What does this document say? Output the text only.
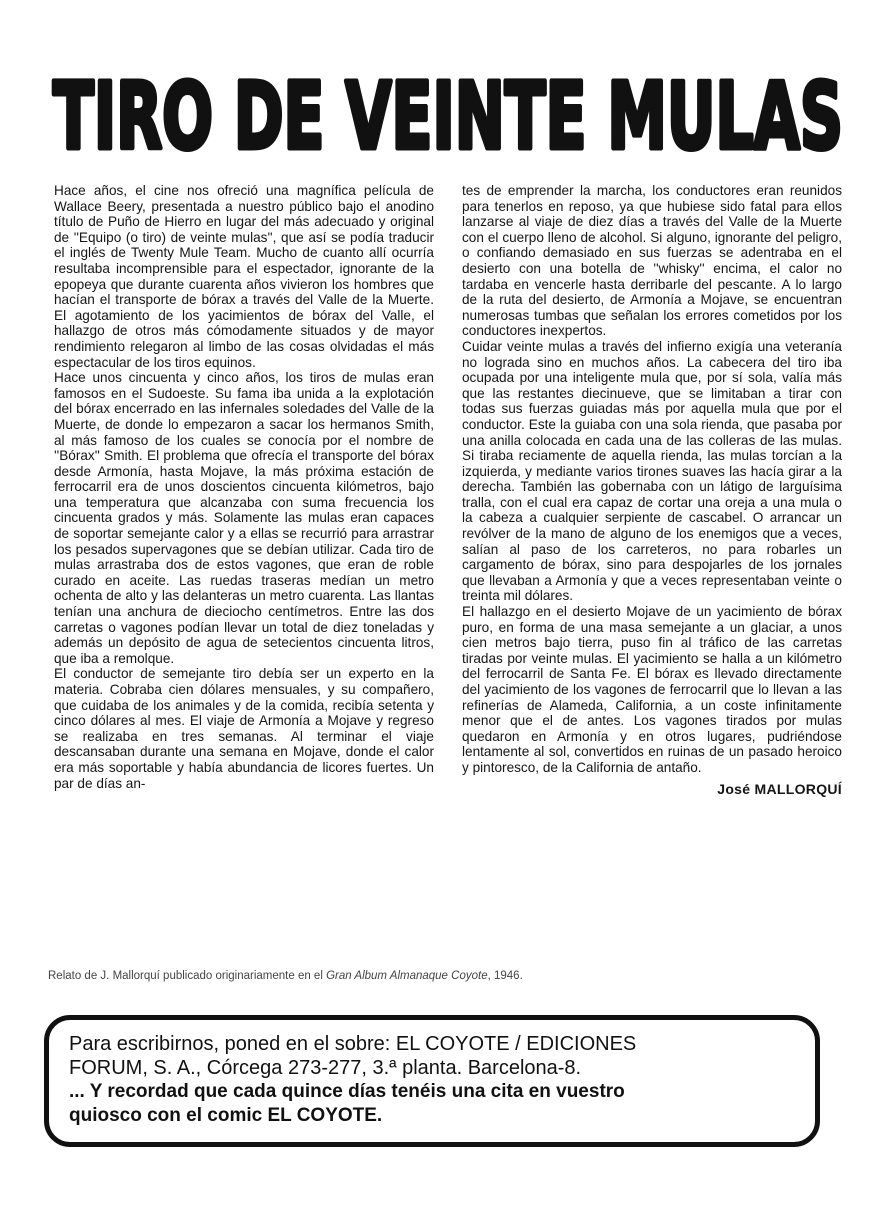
TIRO DE VEINTE MULAS

Hace años, el cine nos ofreció una magnífica película de Wallace Beery, presentada a nuestro público bajo el anodino título de Puño de Hierro en lugar del más adecuado y original de ''Equipo (o tiro) de veinte mulas'', que así se podía traducir el inglés de Twenty Mule Team. Mucho de cuanto allí ocurría resultaba incomprensible para el espectador, ignorante de la epopeya que durante cuarenta años vivieron los hombres que hacían el transporte de bórax a través del Valle de la Muerte. El agotamiento de los yacimientos de bórax del Valle, el hallazgo de otros más cómodamente situados y de mayor rendimiento relegaron al limbo de las cosas olvidadas el más espectacular de los tiros equinos.

Hace unos cincuenta y cinco años, los tiros de mulas eran famosos en el Sudoeste. Su fama iba unida a la explotación del bórax encerrado en las infernales soledades del Valle de la Muerte, de donde lo empezaron a sacar los hermanos Smith, al más famoso de los cuales se conocía por el nombre de ''Bórax'' Smith. El problema que ofrecía el transporte del bórax desde Armonía, hasta Mojave, la más próxima estación de ferrocarril era de unos doscientos cincuenta kilómetros, bajo una temperatura que alcanzaba con suma frecuencia los cincuenta grados y más. Solamente las mulas eran capaces de soportar semejante calor y a ellas se recurrió para arrastrar los pesados supervagones que se debían utilizar. Cada tiro de mulas arrastraba dos de estos vagones, que eran de roble curado en aceite. Las ruedas traseras medían un metro ochenta de alto y las delanteras un metro cuarenta. Las llantas tenían una anchura de dieciocho centímetros. Entre las dos carretas o vagones podían llevar un total de diez toneladas y además un depósito de agua de setecientos cincuenta litros, que iba a remolque.

El conductor de semejante tiro debía ser un experto en la materia. Cobraba cien dólares mensuales, y su compañero, que cuidaba de los animales y de la comida, recibía setenta y cinco dólares al mes. El viaje de Armonía a Mojave y regreso se realizaba en tres semanas. Al terminar el viaje descansaban durante una semana en Mojave, donde el calor era más soportable y había abundancia de licores fuertes. Un par de días an-

tes de emprender la marcha, los conductores eran reunidos para tenerlos en reposo, ya que hubiese sido fatal para ellos lanzarse al viaje de diez días a través del Valle de la Muerte con el cuerpo lleno de alcohol. Si alguno, ignorante del peligro, o confiando demasiado en sus fuerzas se adentraba en el desierto con una botella de ''whisky'' encima, el calor no tardaba en vencerle hasta derribarle del pescante. A lo largo de la ruta del desierto, de Armonía a Mojave, se encuentran numerosas tumbas que señalan los errores cometidos por los conductores inexpertos.

Cuidar veinte mulas a través del infierno exigía una veteranía no lograda sino en muchos años. La cabecera del tiro iba ocupada por una inteligente mula que, por sí sola, valía más que las restantes diecinueve, que se limitaban a tirar con todas sus fuerzas guiadas más por aquella mula que por el conductor. Este la guiaba con una sola rienda, que pasaba por una anilla colocada en cada una de las colleras de las mulas. Si tiraba reciamente de aquella rienda, las mulas torcían a la izquierda, y mediante varios tirones suaves las hacía girar a la derecha. También las gobernaba con un látigo de larguísima tralla, con el cual era capaz de cortar una oreja a una mula o la cabeza a cualquier serpiente de cascabel. O arrancar un revólver de la mano de alguno de los enemigos que a veces, salían al paso de los carreteros, no para robarles un cargamento de bórax, sino para despojarles de los jornales que llevaban a Armonía y que a veces representaban veinte o treinta mil dólares.

El hallazgo en el desierto Mojave de un yacimiento de bórax puro, en forma de una masa semejante a un glaciar, a unos cien metros bajo tierra, puso fin al tráfico de las carretas tiradas por veinte mulas. El yacimiento se halla a un kilómetro del ferrocarril de Santa Fe. El bórax es llevado directamente del yacimiento de los vagones de ferrocarril que lo llevan a las refinerías de Alameda, California, a un coste infinitamente menor que el de antes. Los vagones tirados por mulas quedaron en Armonía y en otros lugares, pudriéndose lentamente al sol, convertidos en ruinas de un pasado heroico y pintoresco, de la California de antaño.

José MALLORQUÍ
Relato de J. Mallorquí publicado originariamente en el Gran Album Almanaque Coyote, 1946.
Para escribirnos, poned en el sobre: EL COYOTE / EDICIONES
FORUM, S. A., Córcega 273-277, 3.ª planta. Barcelona-8.
... Y recordad que cada quince días tenéis una cita en vuestro
quiosco con el comic EL COYOTE.
